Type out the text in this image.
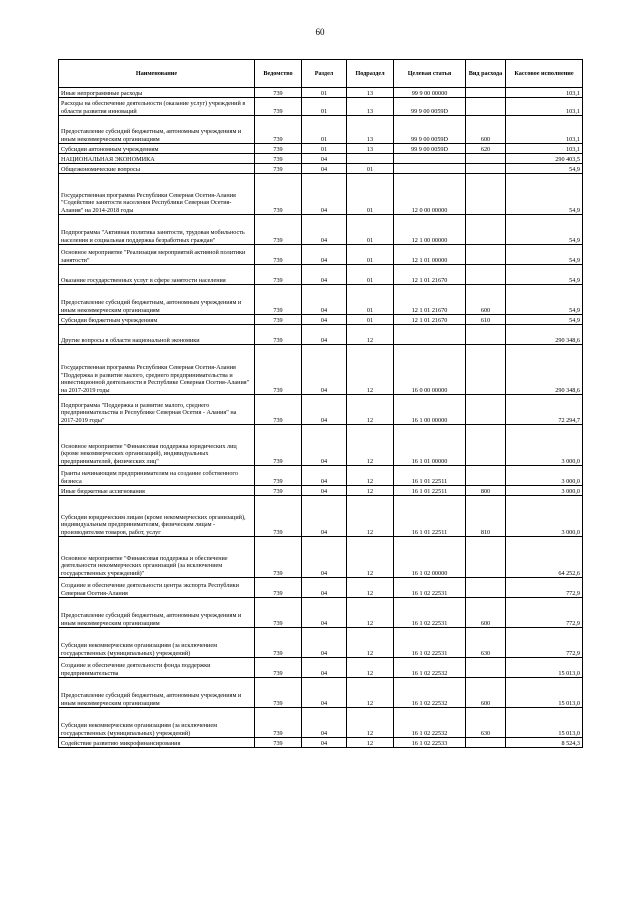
60
Наименование	Ведомство	Раздел	Подраздел	Целевая статья	Вид расхода	Кассовое исполнение
Иные непрограммные расходы	739	01	13	99 9 00 00000		103,1
Расходы на обеспечение деятельности (оказание услуг) учреждений в области развития инноваций	739	01	13	99 9 00 0059D		103,1
Предоставление субсидий бюджетным, автономным учреждениям и иным некоммерческим организациям	739	01	13	99 9 00 0059D	600	103,1
Субсидии автономным учреждениям	739	01	13	99 9 00 0059D	620	103,1
НАЦИОНАЛЬНАЯ ЭКОНОМИКА	739	04				290 403,5
Общеэкономические вопросы	739	04	01			54,9
Государственная программа Республики Северная Осетия-Алания "Содействие занятости населения Республики Северная Осетия-Алания" на 2014-2018 годы	739	04	01	12 0 00 00000		54,9
Подпрограмма "Активная политика занятости, трудовая мобильность населения и социальная поддержка безработных граждан"	739	04	01	12 1 00 00000		54,9
Основное мероприятие "Реализация мероприятий активной политики занятости"	739	04	01	12 1 01 00000		54,9
Оказание государственных услуг в сфере занятости населения	739	04	01	12 1 01 21670		54,9
Предоставление субсидий бюджетным, автономным учреждениям и иным некоммерческим организациям	739	04	01	12 1 01 21670	600	54,9
Субсидии бюджетным учреждениям	739	04	01	12 1 01 21670	610	54,9
Другие вопросы в области национальной экономики	739	04	12			290 348,6
Государственная программа Республики Северная Осетия-Алания "Поддержка и развитие малого, среднего предпринимательства и инвестиционной деятельности в Республике Северная Осетия-Алания" на 2017-2019 годы	739	04	12	16 0 00 00000		290 348,6
Подпрограмма "Поддержка и развитие малого, среднего предпринимательства в Республике Северная Осетия - Алания" на 2017-2019 годы"	739	04	12	16 1 00 00000		72 294,7
Основное мероприятие "Финансовая поддержка юридических лиц (кроме некоммерческих организаций), индивидуальных предпринимателей, физических лиц"	739	04	12	16 1 01 00000		3 000,0
Гранты начинающим предпринимателям на создание собственного бизнеса	739	04	12	16 1 01 22511		3 000,0
Иные бюджетные ассигнования	739	04	12	16 1 01 22511	800	3 000,0
Субсидии юридическим лицам (кроме некоммерческих организаций), индивидуальным предпринимателям, физическим лицам - производителям товаров, работ, услуг	739	04	12	16 1 01 22511	810	3 000,0
Основное мероприятие "Финансовая поддержка и обеспечение деятельности некоммерческих организаций (за исключением государственных учреждений)"	739	04	12	16 1 02 00000		64 252,6
Создание и обеспечение деятельности центра экспорта Республики Северная Осетия-Алания	739	04	12	16 1 02 22531		772,9
Предоставление субсидий бюджетным, автономным учреждениям и иным некоммерческим организациям	739	04	12	16 1 02 22531	600	772,9
Субсидии некоммерческим организациям (за исключением государственных (муниципальных) учреждений)	739	04	12	16 1 02 22531	630	772,9
Создание и обеспечение деятельности фонда поддержки предпринимательства	739	04	12	16 1 02 22532		15 013,0
Предоставление субсидий бюджетным, автономным учреждениям и иным некоммерческим организациям	739	04	12	16 1 02 22532	600	15 013,0
Субсидии некоммерческим организациям (за исключением государственных (муниципальных) учреждений)	739	04	12	16 1 02 22532	630	15 013,0
Содействие развитию микрофинансирования	739	04	12	16 1 02 22533		8 524,3
